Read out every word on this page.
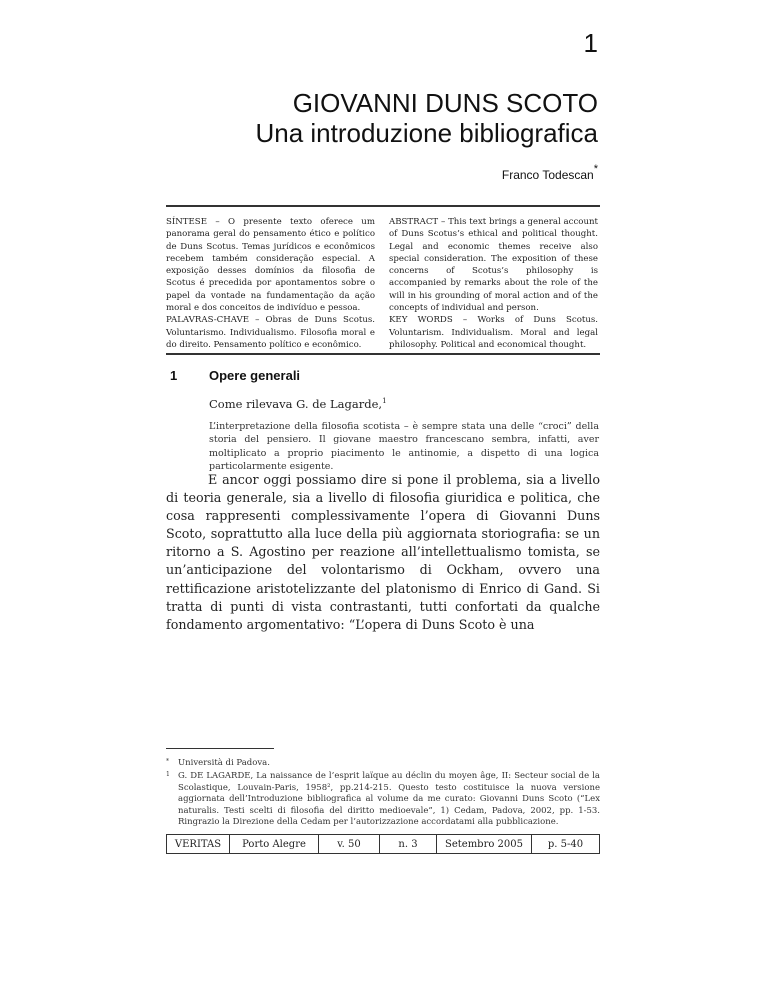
1
GIOVANNI DUNS SCOTO
Una introduzione bibliografica
Franco Todescan*

SÍNTESE – O presente texto oferece um panorama geral do pensamento ético e político de Duns Scotus. Temas jurídicos e econômicos recebem também consideração especial. A exposição desses domínios da filosofia de Scotus é precedida por apontamentos sobre o papel da vontade na fundamentação da ação moral e dos conceitos de indivíduo e pessoa.

PALAVRAS-CHAVE – Obras de Duns Scotus. Voluntarismo. Individualismo. Filosofia moral e do direito. Pensamento político e econômico.

ABSTRACT – This text brings a general account of Duns Scotus’s ethical and political thought. Legal and economic themes receive also special consideration. The exposition of these concerns of Scotus’s philosophy is accompanied by remarks about the role of the will in his grounding of moral action and of the concepts of individual and person.

KEY WORDS – Works of Duns Scotus. Voluntarism. Individualism. Moral and legal philosophy. Political and economical thought.

1 Opere generali
Come rilevava G. de Lagarde,$^1$
L’interpretazione della filosofia scotista – è sempre stata una delle “croci” della storia del pensiero. Il giovane maestro francescano sembra, infatti, aver moltiplicato a proprio piacimento le antinomie, a dispetto di una logica particolarmente esigente.

E ancor oggi possiamo dire si pone il problema, sia a livello di teoria generale, sia a livello di filosofia giuridica e politica, che cosa rappresenti complessivamente l’opera di Giovanni Duns Scoto, soprattutto alla luce della più aggiornata storiografia: se un ritorno a S. Agostino per reazione all’intellettualismo tomista, se un’anticipazione del volontarismo di Ockham, ovvero una rettificazione aristotelizzante del platonismo di Enrico di Gand. Si tratta di punti di vista contrastanti, tutti confortati da qualche fondamento argomentativo: “L’opera di Duns Scoto è una

* Università di Padova.
1 G. DE LAGARDE, La naissance de l’esprit laïque au déclin du moyen âge, II: Secteur social de la Scolastique, Louvain-Paris, 1958², pp.214-215. Questo testo costituisce la nuova versione aggiornata dell’Introduzione bibliografica al volume da me curato: Giovanni Duns Scoto (“Lex naturalis. Testi scelti di filosofia del diritto medioevale”, 1) Cedam, Padova, 2002, pp. 1-53. Ringrazio la Direzione della Cedam per l’autorizzazione accordatami alla pubblicazione.
VERITAS	Porto Alegre	v. 50	n. 3	Setembro 2005	p. 5-40
